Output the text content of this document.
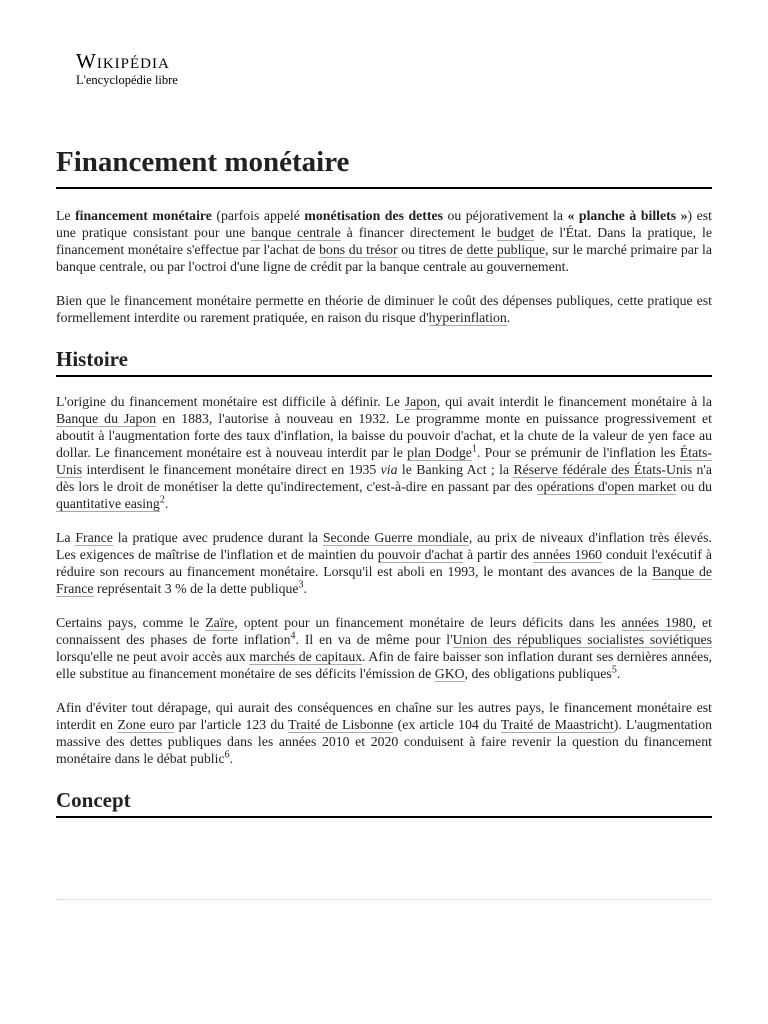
Wikipédia
L'encyclopédie libre
Financement monétaire

Le financement monétaire (parfois appelé monétisation des dettes ou péjorativement la « planche à billets ») est une pratique consistant pour une banque centrale à financer directement le budget de l'État. Dans la pratique, le financement monétaire s'effectue par l'achat de bons du trésor ou titres de dette publique, sur le marché primaire par la banque centrale, ou par l'octroi d'une ligne de crédit par la banque centrale au gouvernement.

Bien que le financement monétaire permette en théorie de diminuer le coût des dépenses publiques, cette pratique est formellement interdite ou rarement pratiquée, en raison du risque d'hyperinflation.

Histoire

L'origine du financement monétaire est difficile à définir. Le Japon, qui avait interdit le financement monétaire à la Banque du Japon en 1883, l'autorise à nouveau en 1932. Le programme monte en puissance progressivement et aboutit à l'augmentation forte des taux d'inflation, la baisse du pouvoir d'achat, et la chute de la valeur de yen face au dollar. Le financement monétaire est à nouveau interdit par le plan Dodge$^1$. Pour se prémunir de l'inflation les États-Unis interdisent le financement monétaire direct en 1935 via le Banking Act ; la Réserve fédérale des États-Unis n'a dès lors le droit de monétiser la dette qu'indirectement, c'est-à-dire en passant par des opérations d'open market ou du quantitative easing$^2$.

La France la pratique avec prudence durant la Seconde Guerre mondiale, au prix de niveaux d'inflation très élevés. Les exigences de maîtrise de l'inflation et de maintien du pouvoir d'achat à partir des années 1960 conduit l'exécutif à réduire son recours au financement monétaire. Lorsqu'il est aboli en 1993, le montant des avances de la Banque de France représentait 3 % de la dette publique$^3$.

Certains pays, comme le Zaïre, optent pour un financement monétaire de leurs déficits dans les années 1980, et connaissent des phases de forte inflation$^4$. Il en va de même pour l'Union des républiques socialistes soviétiques lorsqu'elle ne peut avoir accès aux marchés de capitaux. Afin de faire baisser son inflation durant ses dernières années, elle substitue au financement monétaire de ses déficits l'émission de GKO, des obligations publiques$^5$.

Afin d'éviter tout dérapage, qui aurait des conséquences en chaîne sur les autres pays, le financement monétaire est interdit en Zone euro par l'article 123 du Traité de Lisbonne (ex article 104 du Traité de Maastricht). L'augmentation massive des dettes publiques dans les années 2010 et 2020 conduisent à faire revenir la question du financement monétaire dans le débat public$^6$.

Concept
